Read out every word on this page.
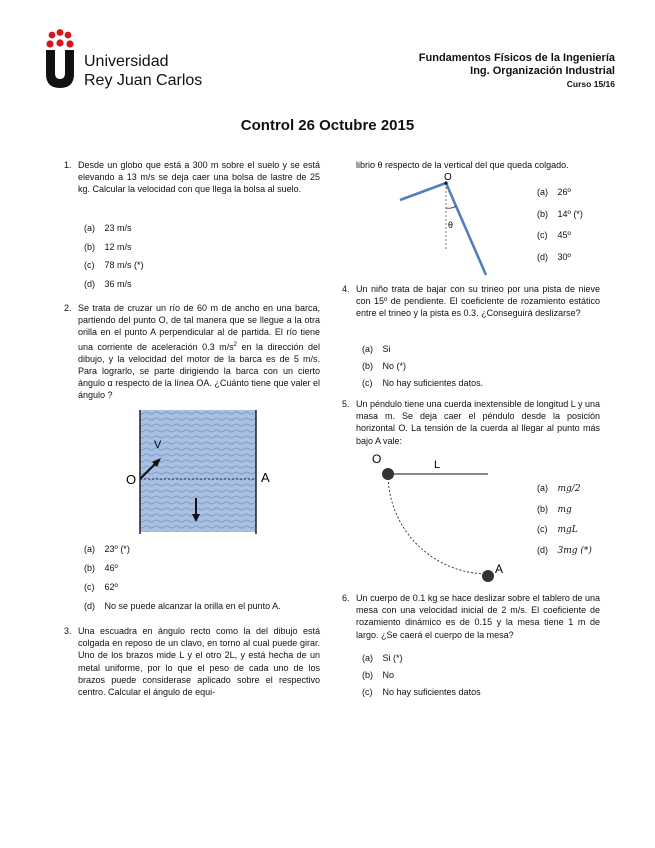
Universidad
Rey Juan Carlos
Fundamentos Físicos de la Ingeniería
Ing. Organización Industrial
Curso 15/16
Control 26 Octubre 2015
1. Desde un globo que está a 300 m sobre el suelo y se está elevando a 13 m/s se deja caer una bolsa de lastre de 25 kg. Calcular la velocidad con que llega la bolsa al suelo.
(a) 23 m/s
(b) 12 m/s
(c) 78 m/s (*)
(d) 36 m/s
2. Se trata de cruzar un río de 60 m de ancho en una barca, partiendo del punto O, de tal manera que se llegue a la otra orilla en el punto A perpendicular al de partida. El río tiene una corriente de aceleración 0.3 $m/s^2$ en la dirección del dibujo, y la velocidad del motor de la barca es de 5 m/s. Para lograrlo, se parte dirigiendo la barca con un cierto ángulo α respecto de la línea OA. ¿Cuánto tiene que valer el ángulo ?
V
O	A
(a) 23º (*)
(b) 46º
(c) 62º
(d) No se puede alcanzar la orilla en el punto A.
3. Una escuadra en ángulo recto como la del dibujo está colgada en reposo de un clavo, en torno al cual puede girar. Uno de los brazos mide L y el otro 2L, y está hecha de un metal uniforme, por lo que el peso de cada uno de los brazos puede considerase aplicado sobre el respectivo centro. Calcular el ángulo de equi-
librio θ respecto de la vertical del que queda colgado.
O
θ
(a) 26º
(b) 14º (*)
(c) 45º
(d) 30º
4. Un niño trata de bajar con su trineo por una pista de nieve con 15º de pendiente. El coeficiente de rozamiento estático entre el trineo y la pista es 0.3. ¿Conseguirá deslizarse?
(a) Si
(b) No (*)
(c) No hay suficientes datos.
5. Un péndulo tiene una cuerda inextensible de longitud L y una masa m. Se deja caer el péndulo desde la posición horizontal O. La tensión de la cuerda al llegar al punto más bajo A vale:
O	L
A
(a) mg/2
(b) mg
(c) mgL
(d) 3mg (*)
6. Un cuerpo de 0.1 kg se hace deslizar sobre el tablero de una mesa con una velocidad inicial de 2 m/s. El coeficiente de rozamiento dinámico es de 0.15 y la mesa tiene 1 m de largo. ¿Se caerá el cuerpo de la mesa?
(a) Si (*)
(b) No
(c) No hay suficientes datos
